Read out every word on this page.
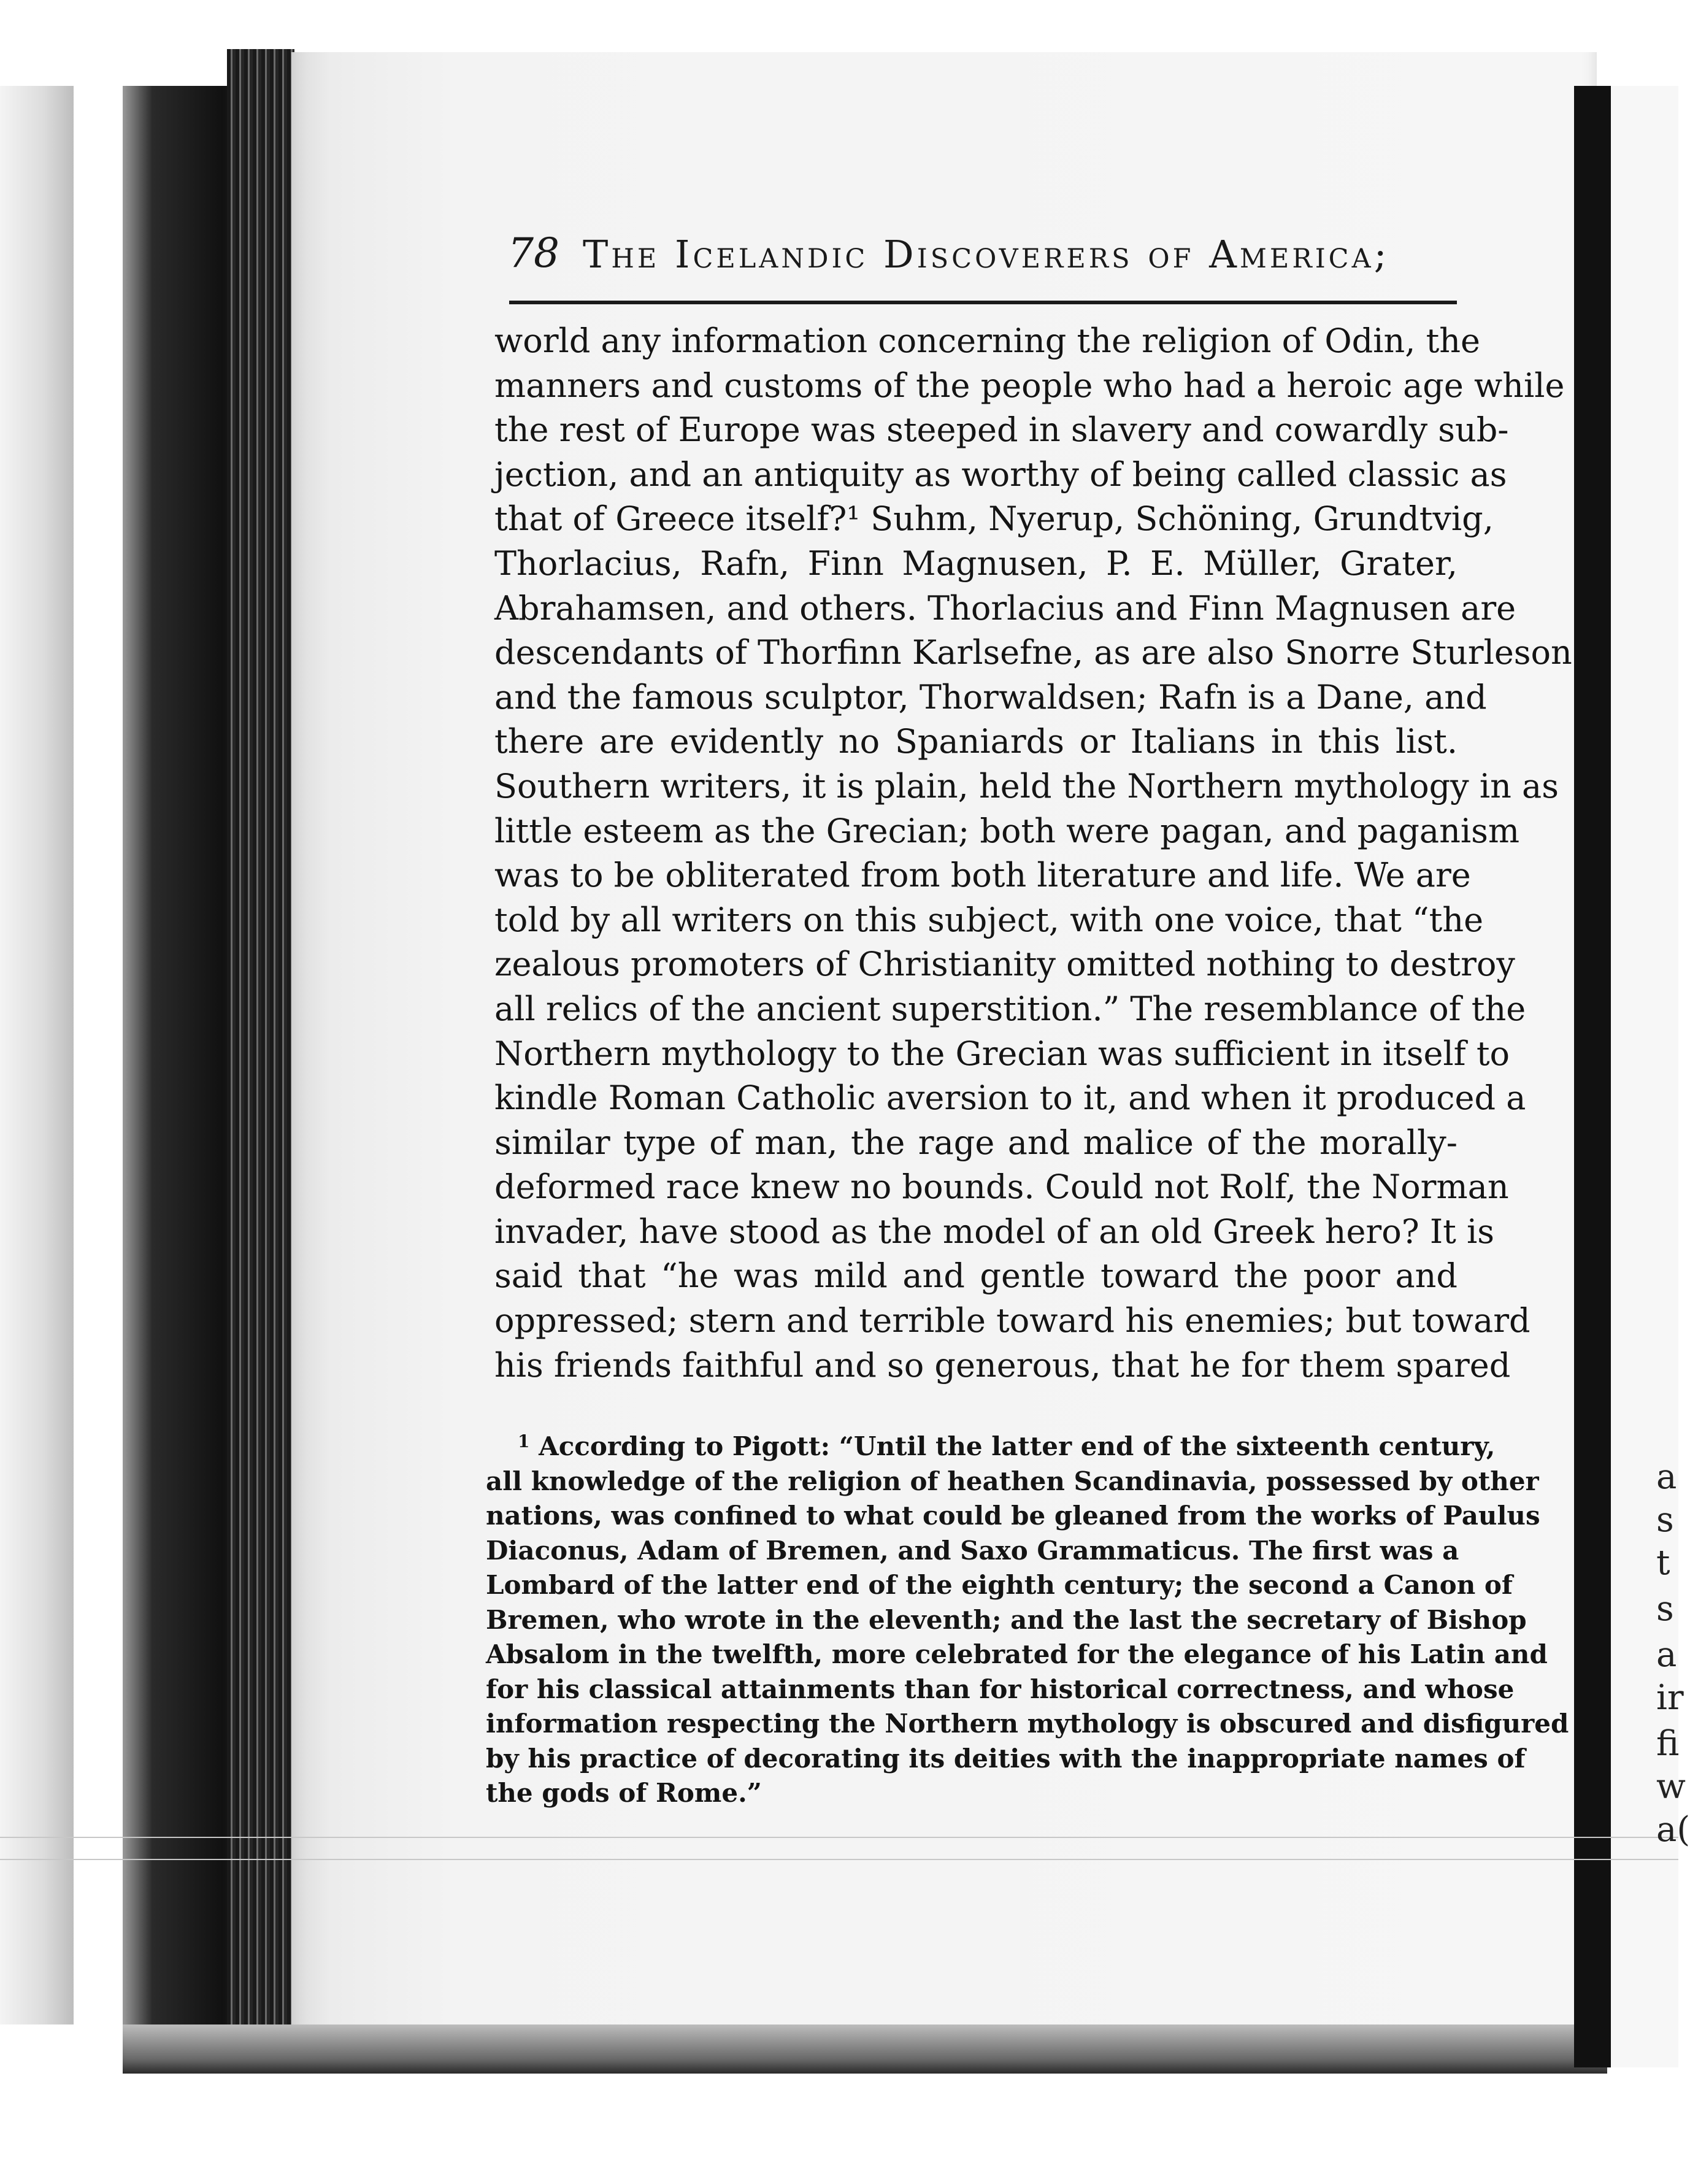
78 The Icelandic Discoverers of America;
world any information concerning the religion of Odin, the
manners and customs of the people who had a heroic age while
the rest of Europe was steeped in slavery and cowardly sub-
jection, and an antiquity as worthy of being called classic as
that of Greece itself?¹ Suhm, Nyerup, Schöning, Grundtvig,
Thorlacius, Rafn, Finn Magnusen, P. E. Müller, Grater,
Abrahamsen, and others. Thorlacius and Finn Magnusen are
descendants of Thorfinn Karlsefne, as are also Snorre Sturleson
and the famous sculptor, Thorwaldsen; Rafn is a Dane, and
there are evidently no Spaniards or Italians in this list.
Southern writers, it is plain, held the Northern mythology in as
little esteem as the Grecian; both were pagan, and paganism
was to be obliterated from both literature and life. We are
told by all writers on this subject, with one voice, that “the
zealous promoters of Christianity omitted nothing to destroy
all relics of the ancient superstition.” The resemblance of the
Northern mythology to the Grecian was sufficient in itself to
kindle Roman Catholic aversion to it, and when it produced a
similar type of man, the rage and malice of the morally-
deformed race knew no bounds. Could not Rolf, the Norman
invader, have stood as the model of an old Greek hero? It is
said that “he was mild and gentle toward the poor and
oppressed; stern and terrible toward his enemies; but toward
his friends faithful and so generous, that he for them spared
$^1$ According to Pigott: “Until the latter end of the sixteenth century,
all knowledge of the religion of heathen Scandinavia, possessed by other
nations, was confined to what could be gleaned from the works of Paulus
Diaconus, Adam of Bremen, and Saxo Grammaticus. The first was a
Lombard of the latter end of the eighth century; the second a Canon of
Bremen, who wrote in the eleventh; and the last the secretary of Bishop
Absalom in the twelfth, more celebrated for the elegance of his Latin and
for his classical attainments than for historical correctness, and whose
information respecting the Northern mythology is obscured and disfigured
by his practice of decorating its deities with the inappropriate names of
the gods of Rome.”
a
s
t
s
a
ir
fi
w
a(
